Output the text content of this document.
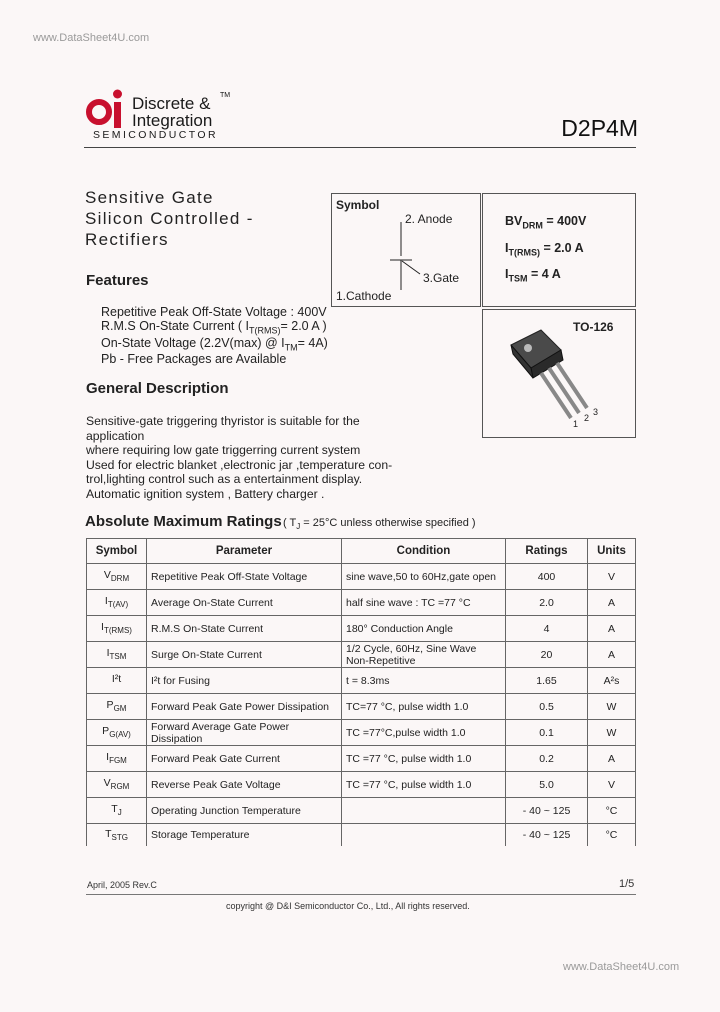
www.DataSheet4U.com
Discrete & TM
Integration
SEMICONDUCTOR	D2P4M
Sensitive Gate
Silicon Controlled -
Rectifiers
Features
Repetitive Peak Off-State Voltage : 400V
R.M.S On-State Current ( $I_{T(RMS)}= 2.0$ A )
On-State Voltage (2.2V(max) @ $I_{TM}= 4A$)
Pb - Free Packages are Available
General Description
Sensitive-gate triggering thyristor is suitable for the application
where requiring low gate triggerring current system
Used for electric blanket ,electronic jar ,temperature con-
trol,lighting control such as a entertainment display.
Automatic ignition system , Battery charger .
Symbol
2. Anode
3.Gate
1.Cathode
$BV_{DRM} = 400V$
$I_{T(RMS)} = 2.0$ A
$I_{TSM} = 4$ A
TO-126
1
2
3
Absolute Maximum Ratings ( $T_J = 25^\circ C$ unless otherwise specified )
Symbol	Parameter	Condition	Ratings	Units
$V_{DRM}$	Repetitive Peak Off-State Voltage	sine wave,50 to 60Hz,gate open	400	V
$I_{T(AV)}$	Average On-State Current	half sine wave : TC =77 °C	2.0	A
$I_{T(RMS)}$	R.M.S On-State Current	180° Conduction Angle	4	A
$I_{TSM}$	Surge On-State Current	1/2 Cycle, 60Hz, Sine Wave Non-Repetitive	20	A
I²t	I²t for Fusing	t = 8.3ms	1.65	A²s
$P_{GM}$	Forward Peak Gate Power Dissipation	TC=77 °C, pulse width 1.0	0.5	W
$P_{G(AV)}$	Forward Average Gate Power Dissipation	TC =77°C,pulse width 1.0	0.1	W
$I_{FGM}$	Forward Peak Gate Current	TC =77 °C, pulse width 1.0	0.2	A
$V_{RGM}$	Reverse Peak Gate Voltage	TC =77 °C, pulse width 1.0	5.0	V
$T_J$	Operating Junction Temperature		- 40 ~ 125	°C
$T_{STG}$	Storage Temperature		- 40 ~ 125	°C
April, 2005 Rev.C	1/5
copyright @ D&I Semiconductor Co., Ltd., All rights reserved.
www.DataSheet4U.com
